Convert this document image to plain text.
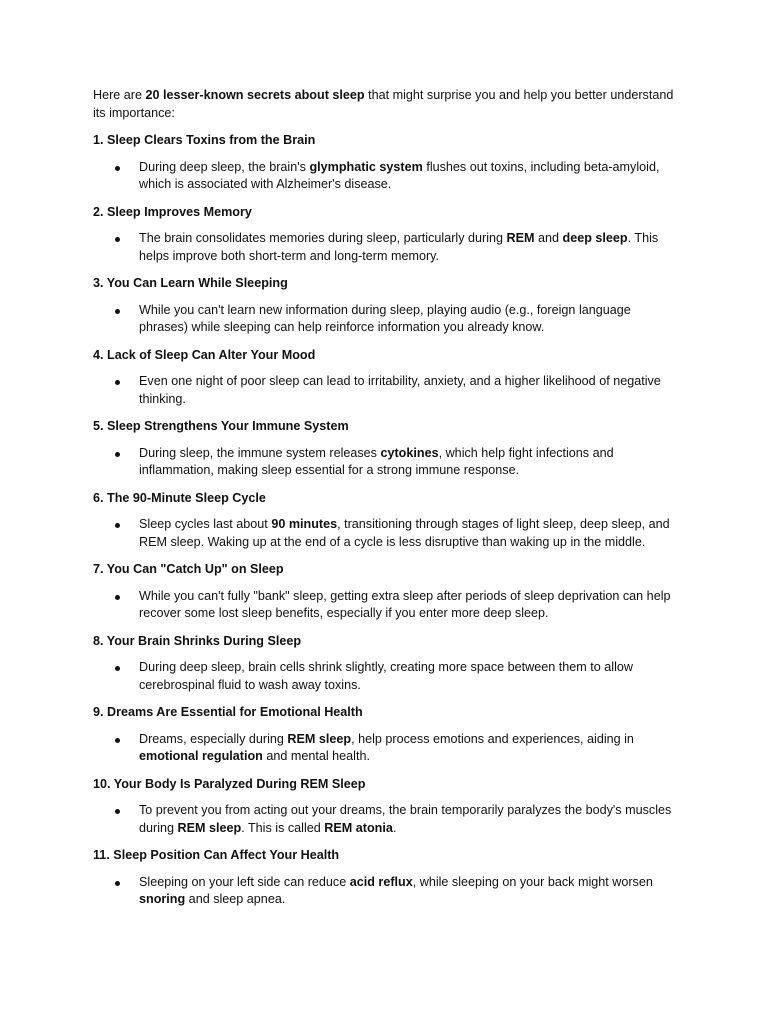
Here are 20 lesser-known secrets about sleep that might surprise you and help you better understand its importance:

1. Sleep Clears Toxins from the Brain

During deep sleep, the brain's glymphatic system flushes out toxins, including beta-amyloid, which is associated with Alzheimer's disease.

2. Sleep Improves Memory

The brain consolidates memories during sleep, particularly during REM and deep sleep. This helps improve both short-term and long-term memory.

3. You Can Learn While Sleeping

While you can't learn new information during sleep, playing audio (e.g., foreign language phrases) while sleeping can help reinforce information you already know.

4. Lack of Sleep Can Alter Your Mood

Even one night of poor sleep can lead to irritability, anxiety, and a higher likelihood of negative thinking.

5. Sleep Strengthens Your Immune System

During sleep, the immune system releases cytokines, which help fight infections and inflammation, making sleep essential for a strong immune response.

6. The 90-Minute Sleep Cycle

Sleep cycles last about 90 minutes, transitioning through stages of light sleep, deep sleep, and REM sleep. Waking up at the end of a cycle is less disruptive than waking up in the middle.

7. You Can "Catch Up" on Sleep

While you can't fully "bank" sleep, getting extra sleep after periods of sleep deprivation can help recover some lost sleep benefits, especially if you enter more deep sleep.

8. Your Brain Shrinks During Sleep

During deep sleep, brain cells shrink slightly, creating more space between them to allow cerebrospinal fluid to wash away toxins.

9. Dreams Are Essential for Emotional Health

Dreams, especially during REM sleep, help process emotions and experiences, aiding in emotional regulation and mental health.

10. Your Body Is Paralyzed During REM Sleep

To prevent you from acting out your dreams, the brain temporarily paralyzes the body's muscles during REM sleep. This is called REM atonia.

11. Sleep Position Can Affect Your Health

Sleeping on your left side can reduce acid reflux, while sleeping on your back might worsen snoring and sleep apnea.
